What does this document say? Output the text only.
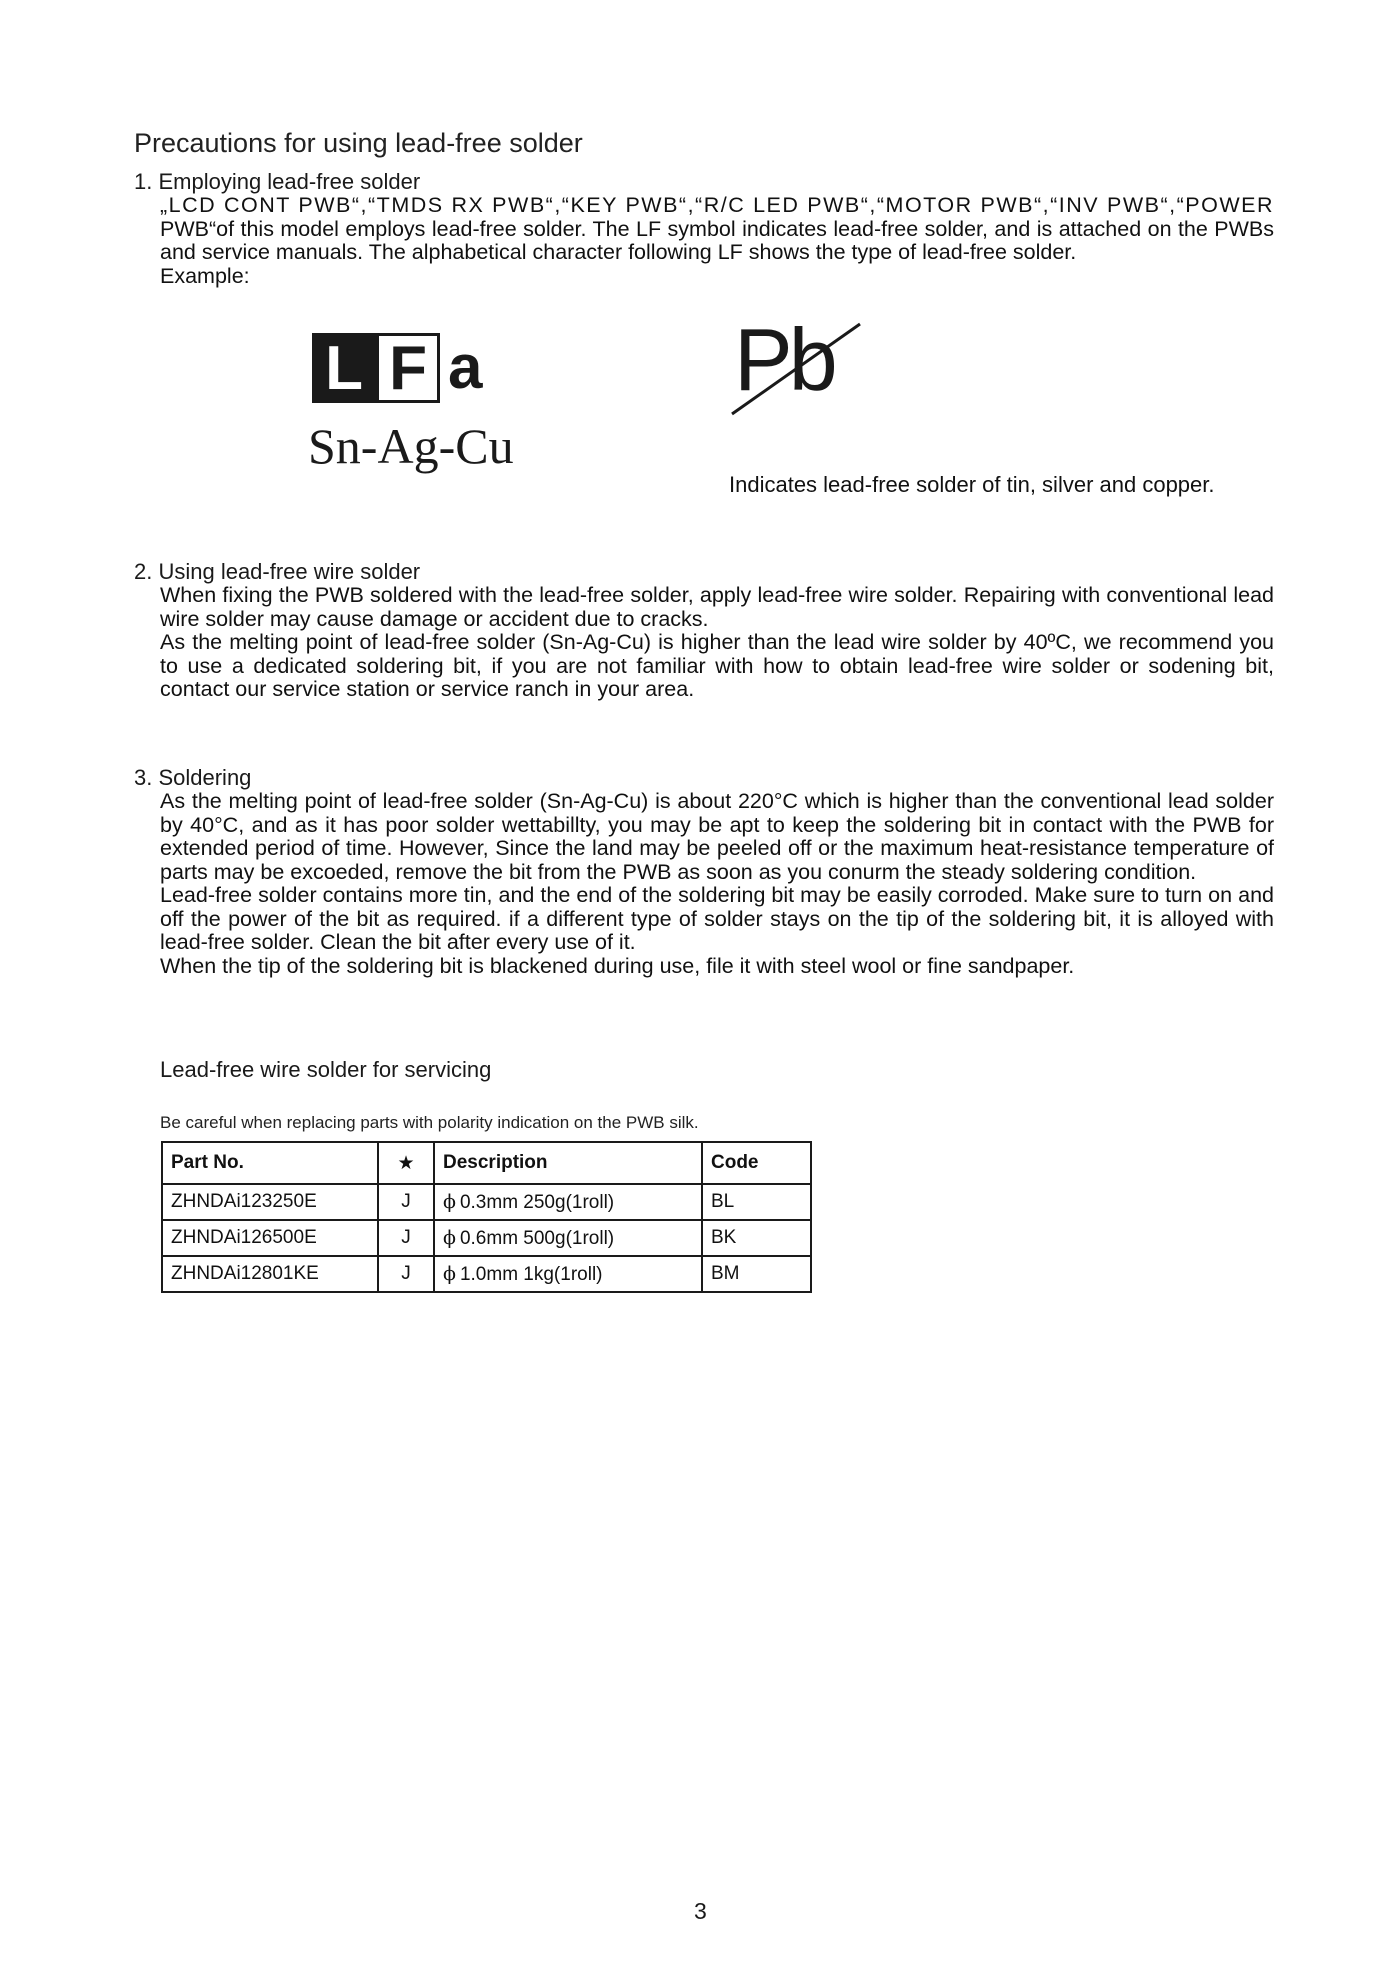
Precautions for using lead-free solder
1. Employing lead-free solder

„LCD CONT PWB“,“TMDS RX PWB“,“KEY PWB“,“R/C LED PWB“,“MOTOR PWB“,“INV PWB“,“POWER

PWB“of this model employs lead-free solder. The LF symbol indicates lead-free solder, and is attached on the PWBs and service manuals. The alphabetical character following LF shows the type of lead-free solder.

Example:

L F a
Sn-Ag-Cu
Pb
Indicates lead-free solder of tin, silver and copper.
2. Using lead-free wire solder

When fixing the PWB soldered with the lead-free solder, apply lead-free wire solder. Repairing with conventional lead wire solder may cause damage or accident due to cracks.

As the melting point of lead-free solder (Sn-Ag-Cu) is higher than the lead wire solder by 40ºC, we recommend you to use a dedicated soldering bit, if you are not familiar with how to obtain lead-free wire solder or sodening bit, contact our service station or service ranch in your area.

3. Soldering

As the melting point of lead-free solder (Sn-Ag-Cu) is about 220°C which is higher than the conventional lead solder by 40°C, and as it has poor solder wettabillty, you may be apt to keep the soldering bit in contact with the PWB for extended period of time. However, Since the land may be peeled off or the maximum heat-resistance temperature of parts may be excoeded, remove the bit from the PWB as soon as you conurm the steady soldering condition.

Lead-free solder contains more tin, and the end of the soldering bit may be easily corroded. Make sure to turn on and off the power of the bit as required. if a different type of solder stays on the tip of the soldering bit, it is alloyed with lead-free solder. Clean the bit after every use of it.

When the tip of the soldering bit is blackened during use, file it with steel wool or fine sandpaper.

Lead-free wire solder for servicing
Be careful when replacing parts with polarity indication on the PWB silk.
Part No.	★	Description	Code
ZHNDAi123250E	J	ϕ 0.3mm 250g(1roll)	BL
ZHNDAi126500E	J	ϕ 0.6mm 500g(1roll)	BK
ZHNDAi12801KE	J	ϕ 1.0mm 1kg(1roll)	BM
3
